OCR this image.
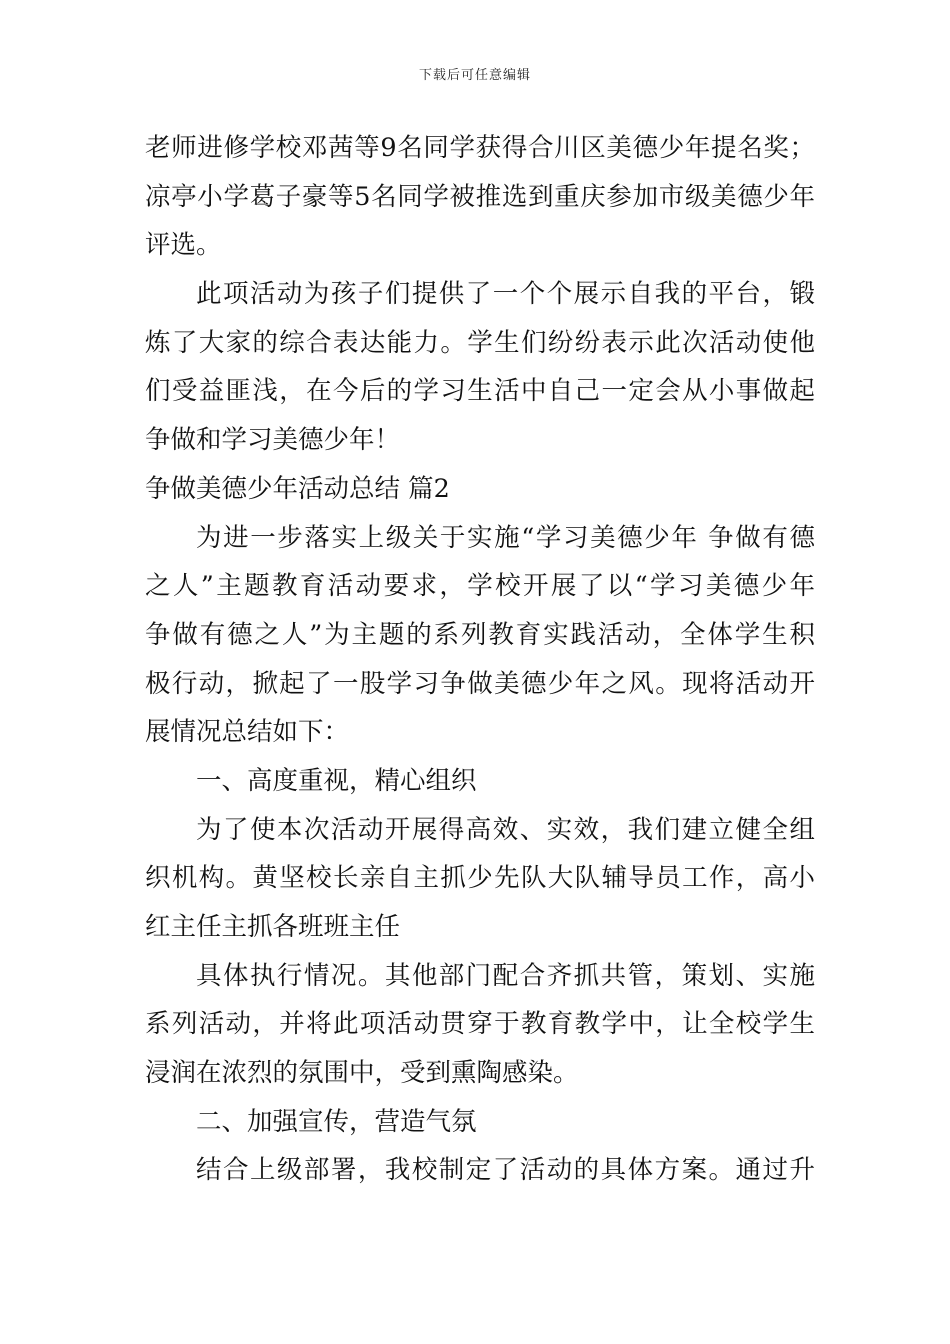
下载后可任意编辑
老师进修学校邓茜等9名同学获得合川区美德少年提名奖；
凉亭小学葛子豪等5名同学被推选到重庆参加市级美德少年
评选。
此项活动为孩子们提供了一个个展示自我的平台，锻
炼了大家的综合表达能力。学生们纷纷表示此次活动使他
们受益匪浅，在今后的学习生活中自己一定会从小事做起
争做和学习美德少年！
争做美德少年活动总结 篇2
为进一步落实上级关于实施“学习美德少年 争做有德
之人”主题教育活动要求，学校开展了以“学习美德少年
争做有德之人”为主题的系列教育实践活动，全体学生积
极行动，掀起了一股学习争做美德少年之风。现将活动开
展情况总结如下：
一、高度重视，精心组织
为了使本次活动开展得高效、实效，我们建立健全组
织机构。黄坚校长亲自主抓少先队大队辅导员工作，高小
红主任主抓各班班主任
具体执行情况。其他部门配合齐抓共管，策划、实施
系列活动，并将此项活动贯穿于教育教学中，让全校学生
浸润在浓烈的氛围中，受到熏陶感染。
二、加强宣传，营造气氛
结合上级部署，我校制定了活动的具体方案。通过升
